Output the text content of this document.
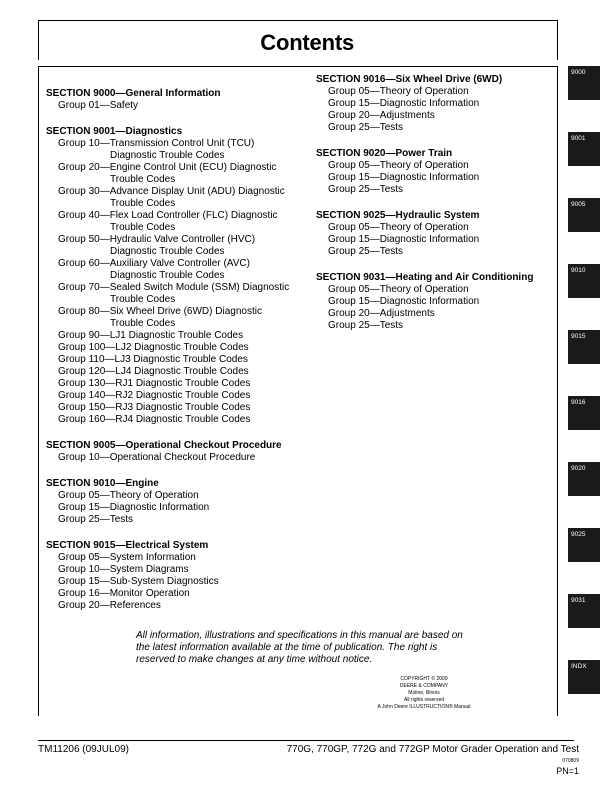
Contents
SECTION 9000—General Information
Group 01—Safety
SECTION 9001—Diagnostics
Group 10—Transmission Control Unit (TCU)
Diagnostic Trouble Codes
Group 20—Engine Control Unit (ECU) Diagnostic
Trouble Codes
Group 30—Advance Display Unit (ADU) Diagnostic
Trouble Codes
Group 40—Flex Load Controller (FLC) Diagnostic
Trouble Codes
Group 50—Hydraulic Valve Controller (HVC)
Diagnostic Trouble Codes
Group 60—Auxiliary Valve Controller (AVC)
Diagnostic Trouble Codes
Group 70—Sealed Switch Module (SSM) Diagnostic
Trouble Codes
Group 80—Six Wheel Drive (6WD) Diagnostic
Trouble Codes
Group 90—LJ1 Diagnostic Trouble Codes
Group 100—LJ2 Diagnostic Trouble Codes
Group 110—LJ3 Diagnostic Trouble Codes
Group 120—LJ4 Diagnostic Trouble Codes
Group 130—RJ1 Diagnostic Trouble Codes
Group 140—RJ2 Diagnostic Trouble Codes
Group 150—RJ3 Diagnostic Trouble Codes
Group 160—RJ4 Diagnostic Trouble Codes
SECTION 9005—Operational Checkout Procedure
Group 10—Operational Checkout Procedure
SECTION 9010—Engine
Group 05—Theory of Operation
Group 15—Diagnostic Information
Group 25—Tests
SECTION 9015—Electrical System
Group 05—System Information
Group 10—System Diagrams
Group 15—Sub-System Diagnostics
Group 16—Monitor Operation
Group 20—References
SECTION 9016—Six Wheel Drive (6WD)
Group 05—Theory of Operation
Group 15—Diagnostic Information
Group 20—Adjustments
Group 25—Tests
SECTION 9020—Power Train
Group 05—Theory of Operation
Group 15—Diagnostic Information
Group 25—Tests
SECTION 9025—Hydraulic System
Group 05—Theory of Operation
Group 15—Diagnostic Information
Group 25—Tests
SECTION 9031—Heating and Air Conditioning
Group 05—Theory of Operation
Group 15—Diagnostic Information
Group 20—Adjustments
Group 25—Tests
All information, illustrations and specifications in this manual are based on the latest information available at the time of publication. The right is reserved to make changes at any time without notice.
COPYRIGHT © 2009
DEERE & COMPANY
Moline, Illinois
All rights reserved
A John Deere ILLUSTRUCTION® Manual
9000
9001
9005
9010
9015
9016
9020
9025
9031
INDX
TM11206 (09JUL09)	770G, 770GP, 772G and 772GP Motor Grader Operation and Test
070809
PN=1
